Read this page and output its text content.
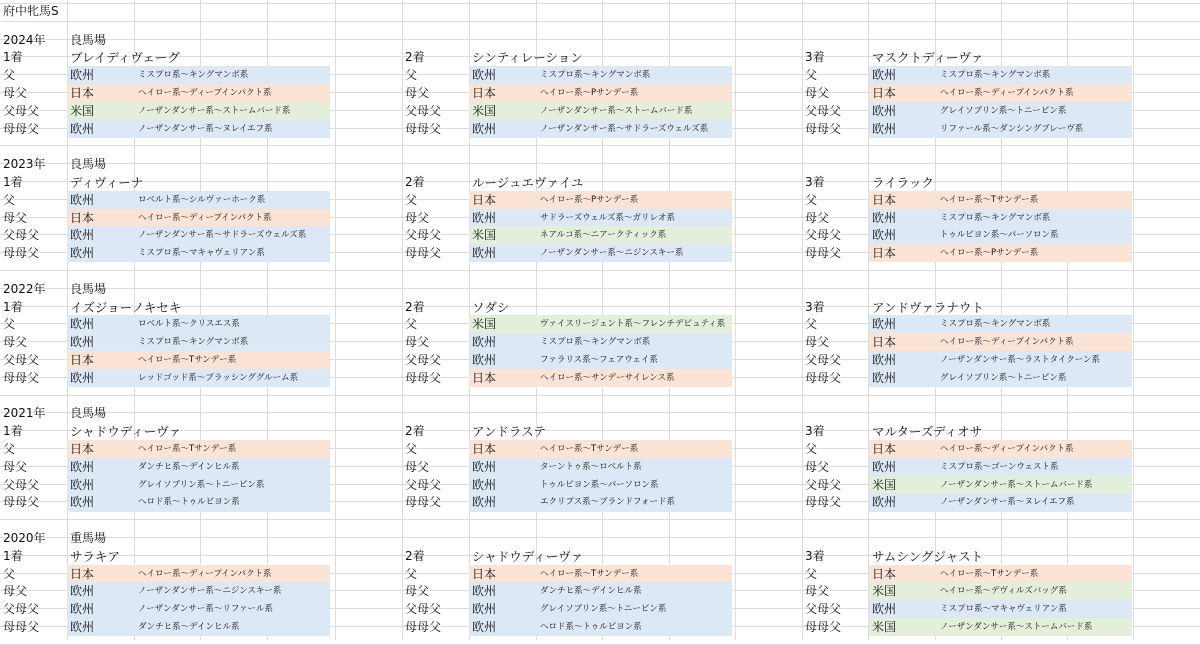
府中牝馬S
2024年	良馬場
1着	ブレイディヴェーグ
父	欧州	ミスプロ系～キングマンボ系
母父	日本	ヘイロー系～ディープインパクト系
父母父	米国	ノーザンダンサー系～ストームバード系
母母父	欧州	ノーザンダンサー系～ヌレイエフ系
2着	シンティレーション
父	欧州	ミスプロ系～キングマンボ系
母父	日本	ヘイロー系～Pサンデー系
父母父	米国	ノーザンダンサー系～ストームバード系
母母父	欧州	ノーザンダンサー系～サドラーズウェルズ系
3着	マスクトディーヴァ
父	欧州	ミスプロ系～キングマンボ系
母父	日本	ヘイロー系～ディープインパクト系
父母父	欧州	グレイソブリン系～トニービン系
母母父	欧州	リファール系～ダンシングブレーヴ系
2023年	良馬場
1着	ディヴィーナ
父	欧州	ロベルト系～シルヴァーホーク系
母父	日本	ヘイロー系～ディープインパクト系
父母父	欧州	ノーザンダンサー系～サドラーズウェルズ系
母母父	欧州	ミスプロ系～マキャヴェリアン系
2着	ルージュエヴァイユ
父	日本	ヘイロー系～Pサンデー系
母父	欧州	サドラーズウェルズ系～ガリレオ系
父母父	米国	ネアルコ系～ニアークティック系
母母父	欧州	ノーザンダンサー系～ニジンスキー系
3着	ライラック
父	日本	ヘイロー系～Tサンデー系
母父	欧州	ミスプロ系～キングマンボ系
父母父	欧州	トゥルビヨン系～パーソロン系
母母父	日本	ヘイロー系～Pサンデー系
2022年	良馬場
1着	イズジョーノキセキ
父	欧州	ロベルト系～クリスエス系
母父	欧州	ミスプロ系～キングマンボ系
父母父	日本	ヘイロー系～Tサンデー系
母母父	欧州	レッドゴッド系～ブラッシンググルーム系
2着	ソダシ
父	米国	ヴァイスリージェント系～フレンチデピュティ系
母父	欧州	ミスプロ系～キングマンボ系
父母父	欧州	ファラリス系～フェアウェイ系
母母父	日本	ヘイロー系～サンデーサイレンス系
3着	アンドヴァラナウト
父	欧州	ミスプロ系～キングマンボ系
母父	日本	ヘイロー系～ディープインパクト系
父母父	欧州	ノーザンダンサー系～ラストタイクーン系
母母父	欧州	グレイソブリン系～トニービン系
2021年	良馬場
1着	シャドウディーヴァ
父	日本	ヘイロー系～Tサンデー系
母父	欧州	ダンチヒ系～デインヒル系
父母父	欧州	グレイソブリン系～トニービン系
母母父	欧州	ヘロド系～トゥルビヨン系
2着	アンドラステ
父	日本	ヘイロー系～Tサンデー系
母父	欧州	ターントゥ系～ロベルト系
父母父	欧州	トゥルビヨン系～パーソロン系
母母父	欧州	エクリプス系～ブランドフォード系
3着	マルターズディオサ
父	日本	ヘイロー系～ディープインパクト系
母父	欧州	ミスプロ系～ゴーンウェスト系
父母父	米国	ノーザンダンサー系～ストームバード系
母母父	欧州	ノーザンダンサー系～ヌレイエフ系
2020年	重馬場
1着	サラキア
父	日本	ヘイロー系～ディープインパクト系
母父	欧州	ノーザンダンサー系～ニジンスキー系
父母父	欧州	ノーザンダンサー系～リファール系
母母父	欧州	ダンチヒ系～デインヒル系
2着	シャドウディーヴァ
父	日本	ヘイロー系～Tサンデー系
母父	欧州	ダンチヒ系～デインヒル系
父母父	欧州	グレイソブリン系～トニービン系
母母父	欧州	ヘロド系～トゥルビヨン系
3着	サムシングジャスト
父	日本	ヘイロー系～Tサンデー系
母父	米国	ヘイロー系～デヴィルズバッグ系
父母父	欧州	ミスプロ系～マキャヴェリアン系
母母父	米国	ノーザンダンサー系～ストームバード系
